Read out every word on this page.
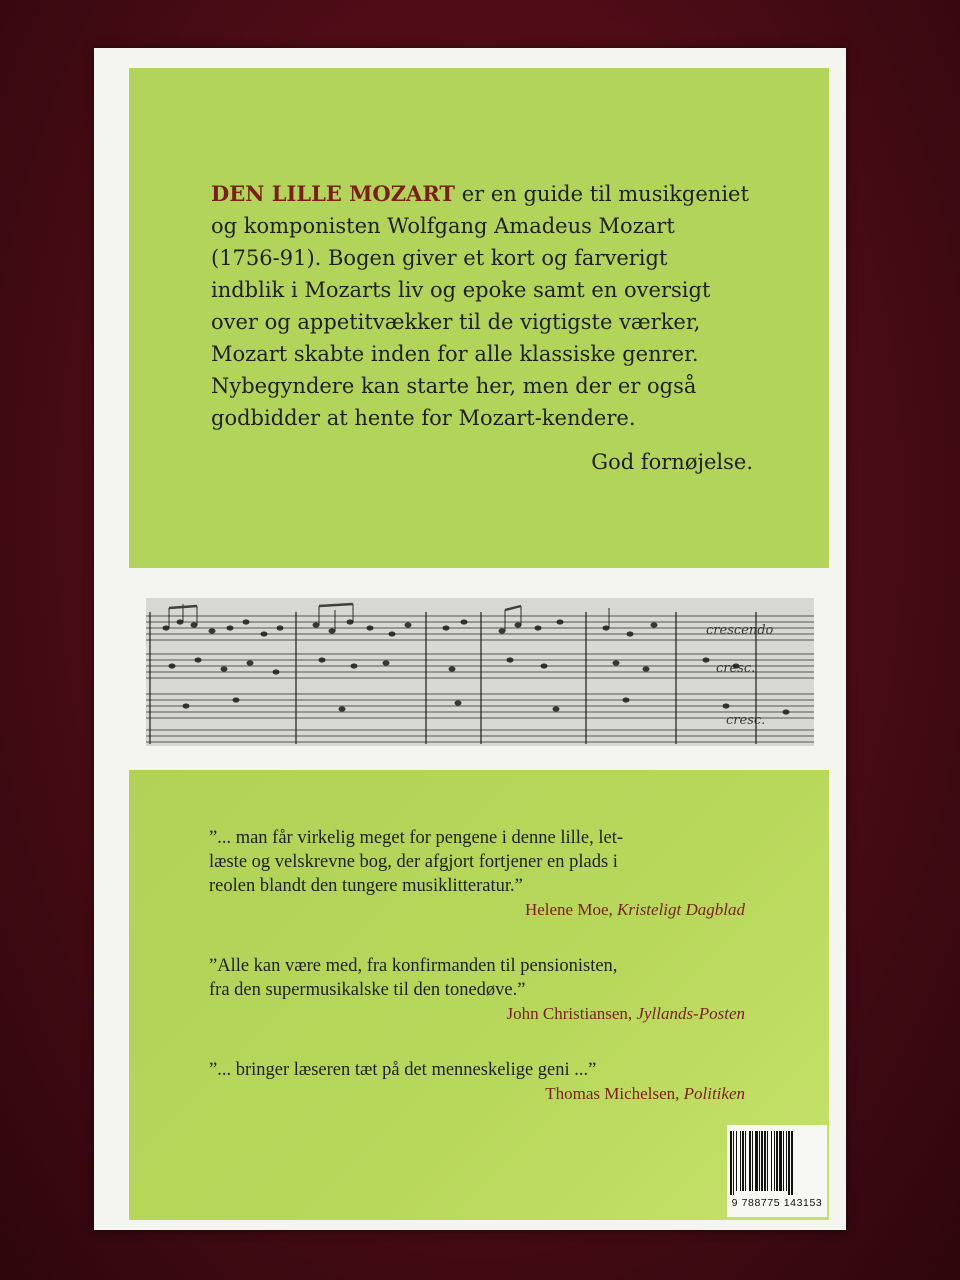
DEN LILLE MOZART er en guide til musikgeniet
og komponisten Wolfgang Amadeus Mozart
(1756-91). Bogen giver et kort og farverigt
indblik i Mozarts liv og epoke samt en oversigt
over og appetitvækker til de vigtigste værker,
Mozart skabte inden for alle klassiske genrer.
Nybegyndere kan starte her, men der er også
godbidder at hente for Mozart-kendere.
God fornøjelse.
crescendo
cresc.
cresc.
”... man får virkelig meget for pengene i denne lille, let-
læste og velskrevne bog, der afgjort fortjener en plads i
reolen blandt den tungere musiklitteratur.”
Helene Moe, Kristeligt Dagblad
”Alle kan være med, fra konfirmanden til pensionisten,
fra den supermusikalske til den tonedøve.”
John Christiansen, Jyllands-Posten
”... bringer læseren tæt på det menneskelige geni ...”
Thomas Michelsen, Politiken
9 788775 143153
